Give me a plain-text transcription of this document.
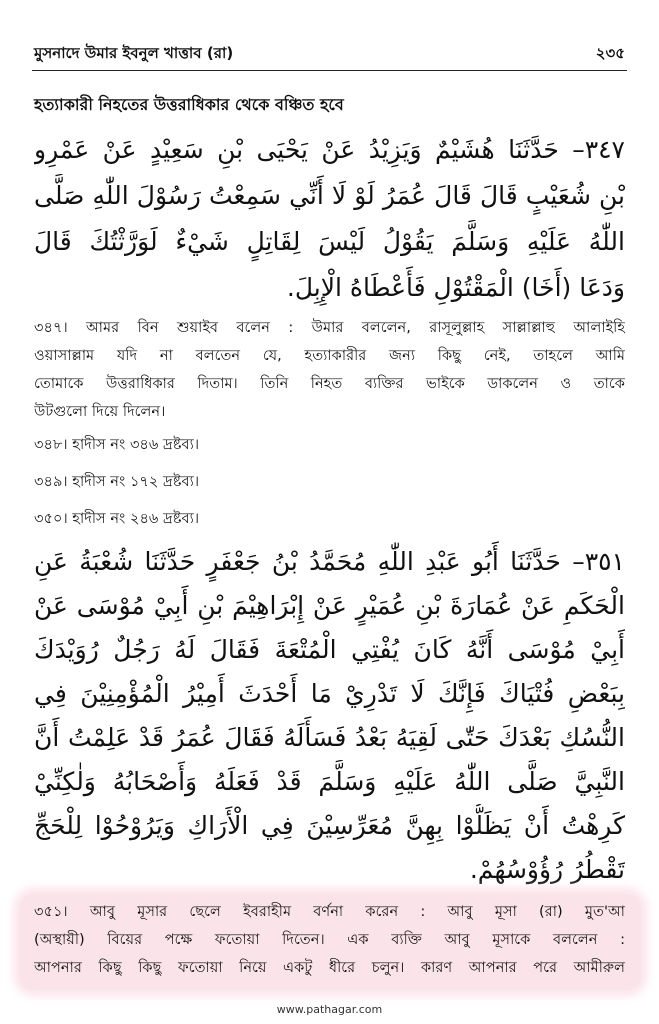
মুসনাদে উমার ইবনুল খাত্তাব (রা)	২৩৫
হত্যাকারী নিহতের উত্তরাধিকার থেকে বঞ্চিত হবে
٣٤٧– حَدَّثَنَا هُشَيْمٌ وَيَزِيْدُ عَنْ يَحْيَى بْنِ سَعِيْدٍ عَنْ عَمْرِو
بْنِ شُعَيْبٍ قَالَ قَالَ عُمَرُ لَوْ لَا أَنِّي سَمِعْتُ رَسُوْلَ اللّٰهِ صَلَّى
اللّٰهُ عَلَيْهِ وَسَلَّمَ يَقُوْلُ لَيْسَ لِقَاتِلٍ شَيْءٌ لَوَرَّثْتُكَ قَالَ
وَدَعَا (أَخَا) الْمَقْتُوْلِ فَأَعْطَاهُ الْإِبِلَ.
৩৪৭। আমর বিন শুয়াইব বলেন : উমার বললেন, রাসূলুল্লাহ সাল্লাল্লাহু আলাইহি
ওয়াসাল্লাম যদি না বলতেন যে, হত্যাকারীর জন্য কিছু নেই, তাহলে আমি
তোমাকে উত্তরাধিকার দিতাম। তিনি নিহত ব্যক্তির ভাইকে ডাকলেন ও তাকে
উটগুলো দিয়ে দিলেন।
৩৪৮। হাদীস নং ৩৪৬ দ্রষ্টব্য।
৩৪৯। হাদীস নং ১৭২ দ্রষ্টব্য।
৩৫০। হাদীস নং ২৪৬ দ্রষ্টব্য।
٣٥١– حَدَّثَنَا أَبُو عَبْدِ اللّٰهِ مُحَمَّدُ بْنُ جَعْفَرٍ حَدَّثَنَا شُعْبَةُ عَنِ
الْحَكَمِ عَنْ عُمَارَةَ بْنِ عُمَيْرٍ عَنْ إِبْرَاهِيْمَ بْنِ أَبِيْ مُوْسَى عَنْ
أَبِيْ مُوْسَى أَنَّهُ كَانَ يُفْتِي الْمُتْعَةَ فَقَالَ لَهُ رَجُلٌ رُوَيْدَكَ
بِبَعْضِ فُتْيَاكَ فَإِنَّكَ لَا تَدْرِيْ مَا أَحْدَثَ أَمِيْرُ الْمُؤْمِنِيْنَ فِي
النُّسُكِ بَعْدَكَ حَتّٰى لَقِيَهُ بَعْدُ فَسَأَلَهُ فَقَالَ عُمَرُ قَدْ عَلِمْتُ أَنَّ
النَّبِيَّ صَلَّى اللّٰهُ عَلَيْهِ وَسَلَّمَ قَدْ فَعَلَهُ وَأَصْحَابُهُ وَلٰكِنِّيْ
كَرِهْتُ أَنْ يَظَلُّوْا بِهِنَّ مُعَرِّسِيْنَ فِي الْأَرَاكِ وَيَرُوْحُوْا لِلْحَجِّ
تَقْطُرُ رُؤُوْسُهُمْ.
৩৫১। আবু মূসার ছেলে ইবরাহীম বর্ণনা করেন : আবু মূসা (রা) মুত'আ
(অস্থায়ী) বিয়ের পক্ষে ফতোয়া দিতেন। এক ব্যক্তি আবু মূসাকে বললেন :
আপনার কিছু কিছু ফতোয়া নিয়ে একটু ধীরে চলুন। কারণ আপনার পরে আমীরুল
www.pathagar.com
